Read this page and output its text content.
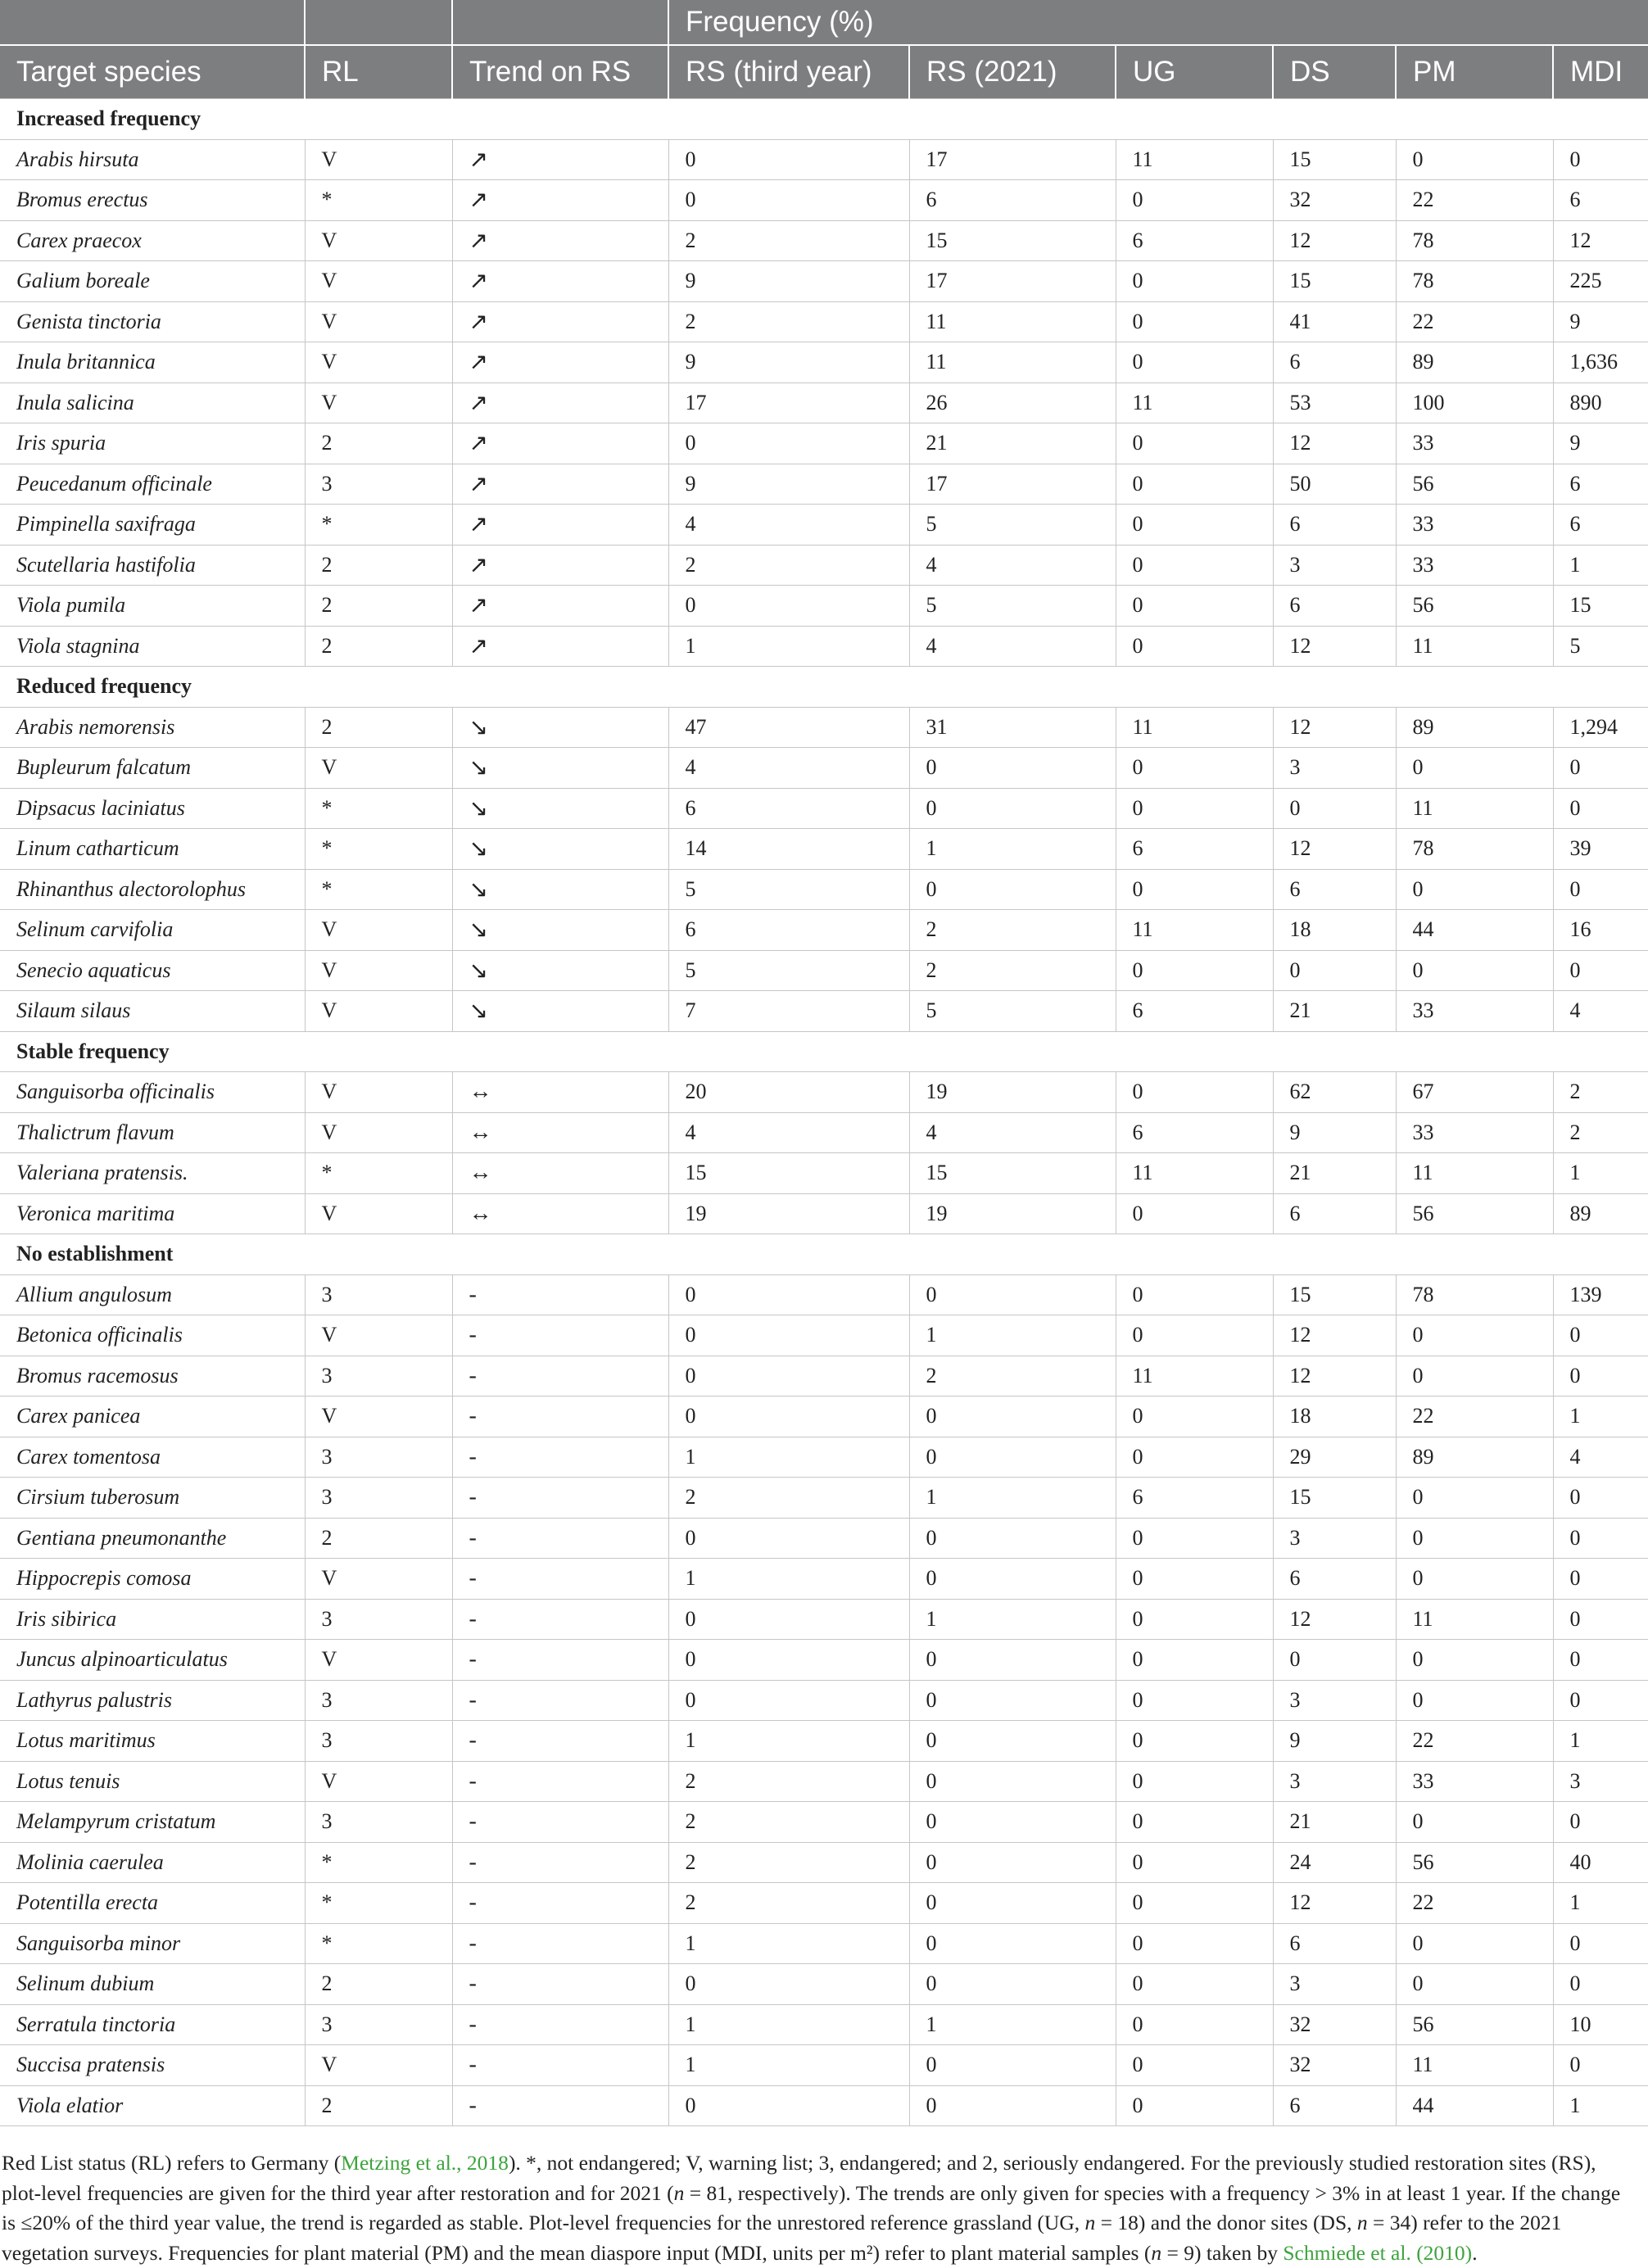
			Frequency (%)					
Target species	RL	Trend on RS	RS (third year)	RS (2021)	UG	DS	PM	MDI
Increased frequency								
Arabis hirsuta	V	↗	0	17	11	15	0	0
Bromus erectus	*	↗	0	6	0	32	22	6
Carex praecox	V	↗	2	15	6	12	78	12
Galium boreale	V	↗	9	17	0	15	78	225
Genista tinctoria	V	↗	2	11	0	41	22	9
Inula britannica	V	↗	9	11	0	6	89	1,636
Inula salicina	V	↗	17	26	11	53	100	890
Iris spuria	2	↗	0	21	0	12	33	9
Peucedanum officinale	3	↗	9	17	0	50	56	6
Pimpinella saxifraga	*	↗	4	5	0	6	33	6
Scutellaria hastifolia	2	↗	2	4	0	3	33	1
Viola pumila	2	↗	0	5	0	6	56	15
Viola stagnina	2	↗	1	4	0	12	11	5
Reduced frequency								
Arabis nemorensis	2	↘	47	31	11	12	89	1,294
Bupleurum falcatum	V	↘	4	0	0	3	0	0
Dipsacus laciniatus	*	↘	6	0	0	0	11	0
Linum catharticum	*	↘	14	1	6	12	78	39
Rhinanthus alectorolophus	*	↘	5	0	0	6	0	0
Selinum carvifolia	V	↘	6	2	11	18	44	16
Senecio aquaticus	V	↘	5	2	0	0	0	0
Silaum silaus	V	↘	7	5	6	21	33	4
Stable frequency								
Sanguisorba officinalis	V	↔	20	19	0	62	67	2
Thalictrum flavum	V	↔	4	4	6	9	33	2
Valeriana pratensis.	*	↔	15	15	11	21	11	1
Veronica maritima	V	↔	19	19	0	6	56	89
No establishment								
Allium angulosum	3	-	0	0	0	15	78	139
Betonica officinalis	V	-	0	1	0	12	0	0
Bromus racemosus	3	-	0	2	11	12	0	0
Carex panicea	V	-	0	0	0	18	22	1
Carex tomentosa	3	-	1	0	0	29	89	4
Cirsium tuberosum	3	-	2	1	6	15	0	0
Gentiana pneumonanthe	2	-	0	0	0	3	0	0
Hippocrepis comosa	V	-	1	0	0	6	0	0
Iris sibirica	3	-	0	1	0	12	11	0
Juncus alpinoarticulatus	V	-	0	0	0	0	0	0
Lathyrus palustris	3	-	0	0	0	3	0	0
Lotus maritimus	3	-	1	0	0	9	22	1
Lotus tenuis	V	-	2	0	0	3	33	3
Melampyrum cristatum	3	-	2	0	0	21	0	0
Molinia caerulea	*	-	2	0	0	24	56	40
Potentilla erecta	*	-	2	0	0	12	22	1
Sanguisorba minor	*	-	1	0	0	6	0	0
Selinum dubium	2	-	0	0	0	3	0	0
Serratula tinctoria	3	-	1	1	0	32	56	10
Succisa pratensis	V	-	1	0	0	32	11	0
Viola elatior	2	-	0	0	0	6	44	1
Red List status (RL) refers to Germany (Metzing et al., 2018). *, not endangered; V, warning list; 3, endangered; and 2, seriously endangered. For the previously studied restoration sites (RS),
plot-level frequencies are given for the third year after restoration and for 2021 (n = 81, respectively). The trends are only given for species with a frequency > 3% in at least 1 year. If the change
is ≤20% of the third year value, the trend is regarded as stable. Plot-level frequencies for the unrestored reference grassland (UG, n = 18) and the donor sites (DS, n = 34) refer to the 2021
vegetation surveys. Frequencies for plant material (PM) and the mean diaspore input (MDI, units per m²) refer to plant material samples (n = 9) taken by Schmiede et al. (2010).
